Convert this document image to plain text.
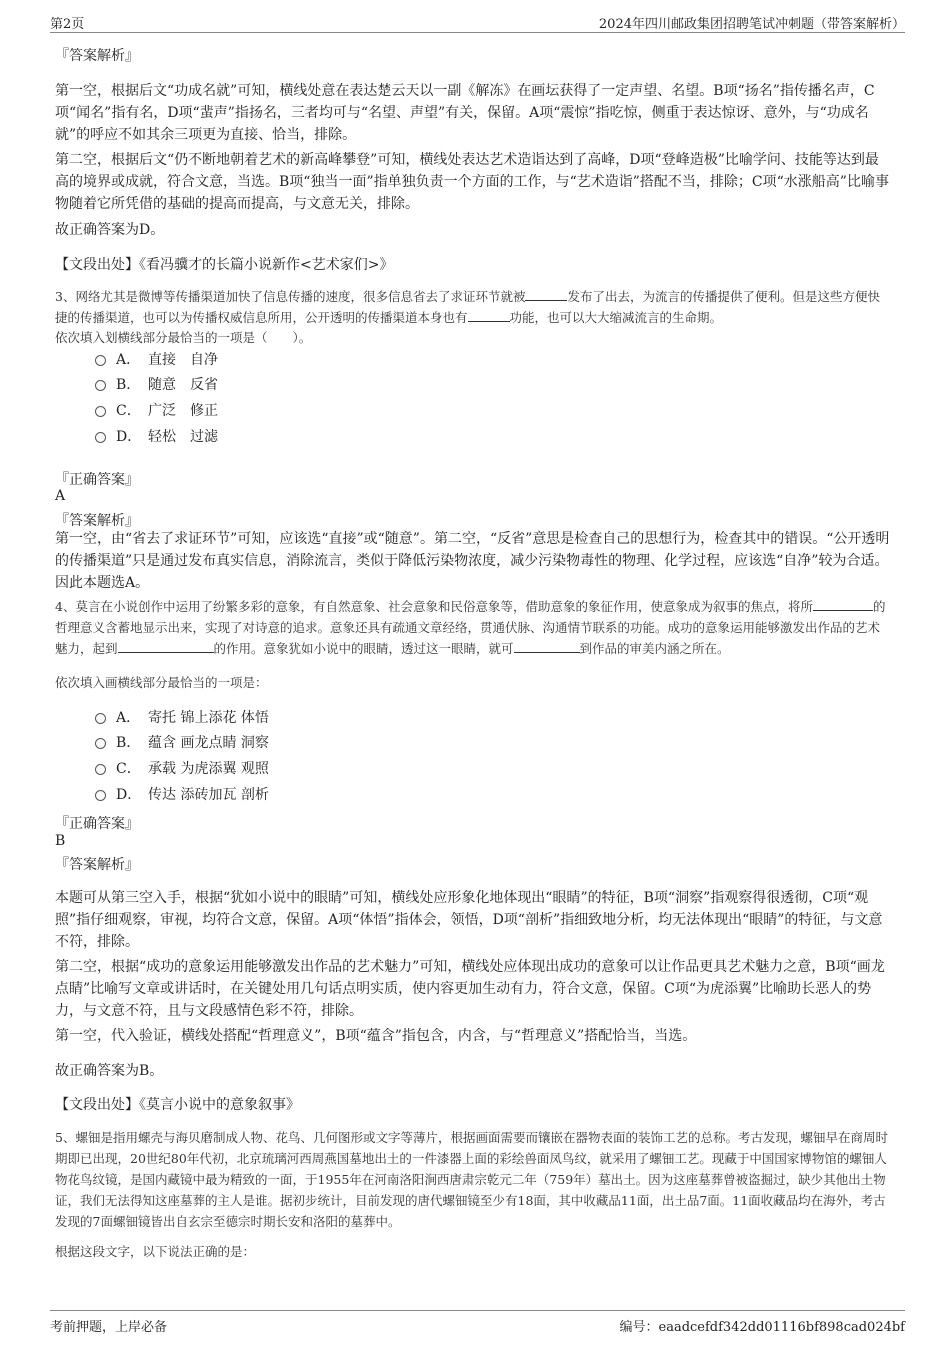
第2页	2024年四川邮政集团招聘笔试冲刺题（带答案解析）
『答案解析』
第一空，根据后文“功成名就”可知，横线处意在表达楚云天以一副《解冻》在画坛获得了一定声望、名望。B项“扬名”指传播名声，C项“闻名”指有名，D项“蜚声”指扬名，三者均可与“名望、声望”有关，保留。A项“震惊”指吃惊，侧重于表达惊讶、意外，与“功成名就”的呼应不如其余三项更为直接、恰当，排除。
第二空，根据后文“仍不断地朝着艺术的新高峰攀登”可知，横线处表达艺术造诣达到了高峰，D项“登峰造极”比喻学问、技能等达到最高的境界或成就，符合文意，当选。B项“独当一面”指单独负责一个方面的工作，与“艺术造诣”搭配不当，排除；C项“水涨船高”比喻事物随着它所凭借的基础的提高而提高，与文意无关，排除。
故正确答案为D。
【文段出处】《看冯骥才的长篇小说新作<艺术家们>》
3、网络尤其是微博等传播渠道加快了信息传播的速度，很多信息省去了求证环节就被	发布了出去，为流言的传播提供了便利。但是这些方便快捷的传播渠道，也可以为传播权威信息所用，公开透明的传播渠道本身也有	功能，也可以大大缩减流言的生命期。
依次填入划横线部分最恰当的一项是（　　）。
A． 直接　自净
B． 随意　反省
C． 广泛　修正
D． 轻松　过滤
『正确答案』
A
『答案解析』
第一空，由“省去了求证环节”可知，应该选“直接”或“随意”。第二空，“反省”意思是检查自己的思想行为，检查其中的错误。“公开透明的传播渠道”只是通过发布真实信息，消除流言，类似于降低污染物浓度，减少污染物毒性的物理、化学过程，应该选“自净”较为合适。因此本题选A。
4、莫言在小说创作中运用了纷繁多彩的意象，有自然意象、社会意象和民俗意象等，借助意象的象征作用，使意象成为叙事的焦点，将所	的哲理意义含蓄地显示出来，实现了对诗意的追求。意象还具有疏通文章经络，贯通伏脉、沟通情节联系的功能。成功的意象运用能够激发出作品的艺术魅力，起到	的作用。意象犹如小说中的眼睛，透过这一眼睛，就可	到作品的审美内涵之所在。
依次填入画横线部分最恰当的一项是：
A． 寄托 锦上添花 体悟
B． 蕴含 画龙点睛 洞察
C． 承载 为虎添翼 观照
D． 传达 添砖加瓦 剖析
『正确答案』
B
『答案解析』
本题可从第三空入手，根据“犹如小说中的眼睛”可知，横线处应形象化地体现出“眼睛”的特征，B项“洞察”指观察得很透彻，C项“观照”指仔细观察，审视，均符合文意，保留。A项“体悟”指体会，领悟，D项“剖析”指细致地分析，均无法体现出“眼睛”的特征，与文意不符，排除。
第二空，根据“成功的意象运用能够激发出作品的艺术魅力”可知，横线处应体现出成功的意象可以让作品更具艺术魅力之意，B项“画龙点睛”比喻写文章或讲话时，在关键处用几句话点明实质，使内容更加生动有力，符合文意，保留。C项“为虎添翼”比喻助长恶人的势力，与文意不符，且与文段感情色彩不符，排除。
第一空，代入验证，横线处搭配“哲理意义”，B项“蕴含”指包含，内含，与“哲理意义”搭配恰当，当选。
故正确答案为B。
【文段出处】《莫言小说中的意象叙事》
5、螺钿是指用螺壳与海贝磨制成人物、花鸟、几何图形或文字等薄片，根据画面需要而镶嵌在器物表面的装饰工艺的总称。考古发现，螺钿早在商周时期即已出现，20世纪80年代初，北京琉璃河西周燕国墓地出土的一件漆器上面的彩绘兽面凤鸟纹，就采用了螺钿工艺。现藏于中国国家博物馆的螺钿人物花鸟纹镜，是国内藏镜中最为精致的一面，于1955年在河南洛阳涧西唐肃宗乾元二年（759年）墓出土。因为这座墓葬曾被盗掘过，缺少其他出土物证，我们无法得知这座墓葬的主人是谁。据初步统计，目前发现的唐代螺钿镜至少有18面，其中收藏品11面，出土品7面。11面收藏品均在海外，考古发现的7面螺钿镜皆出自玄宗至德宗时期长安和洛阳的墓葬中。
根据这段文字，以下说法正确的是：
考前押题，上岸必备	编号：eaadcefdf342dd01116bf898cad024bf
